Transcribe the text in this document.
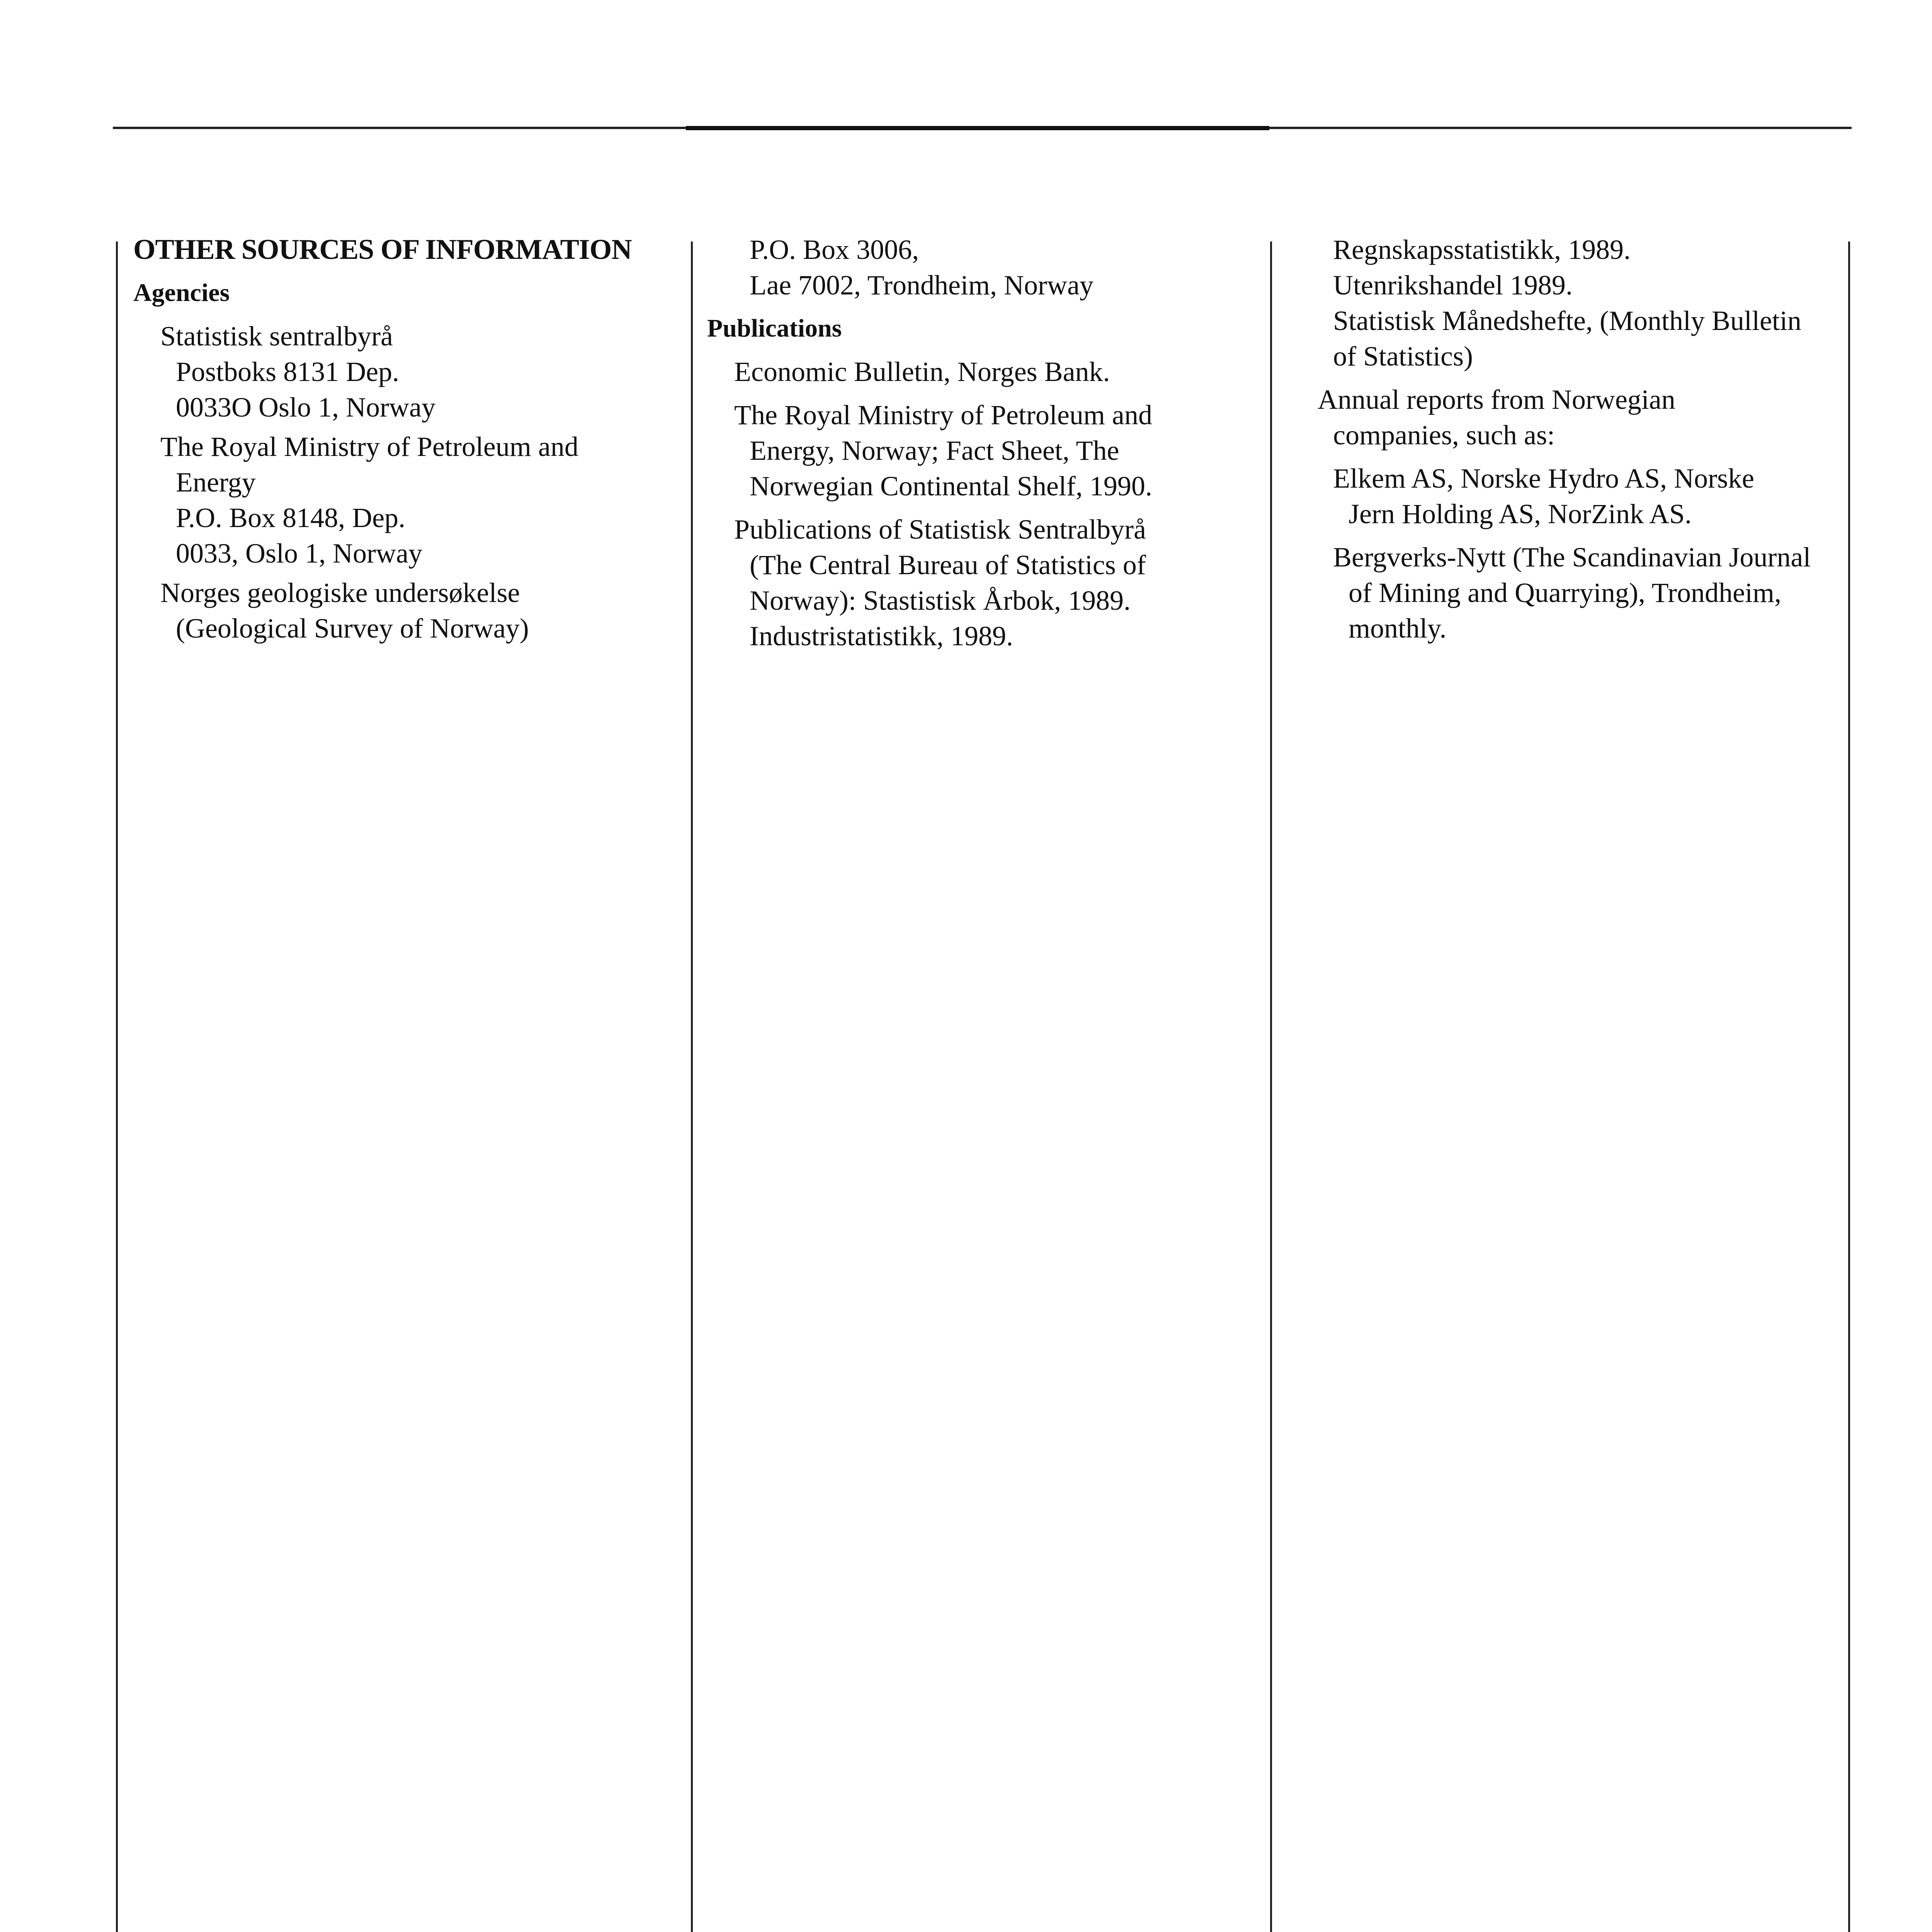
OTHER SOURCES OF INFORMATION

Agencies

Statistisk sentralbyrå
Postboks 8131 Dep.
0033O Oslo 1, Norway
The Royal Ministry of Petroleum and
Energy
P.O. Box 8148, Dep.
0033, Oslo 1, Norway
Norges geologiske undersøkelse
(Geological Survey of Norway)
P.O. Box 3006,
Lae 7002, Trondheim, Norway

Publications

Economic Bulletin, Norges Bank.
The Royal Ministry of Petroleum and
Energy, Norway; Fact Sheet, The
Norwegian Continental Shelf, 1990.
Publications of Statistisk Sentralbyrå
(The Central Bureau of Statistics of
Norway): Stastistisk Årbok, 1989.
Industristatistikk, 1989.
Regnskapsstatistikk, 1989.
Utenrikshandel 1989.
Statistisk Månedshefte, (Monthly Bulletin
of Statistics)
Annual reports from Norwegian
companies, such as:
Elkem AS, Norske Hydro AS, Norske
Jern Holding AS, NorZink AS.
Bergverks-Nytt (The Scandinavian Journal
of Mining and Quarrying), Trondheim,
monthly.
